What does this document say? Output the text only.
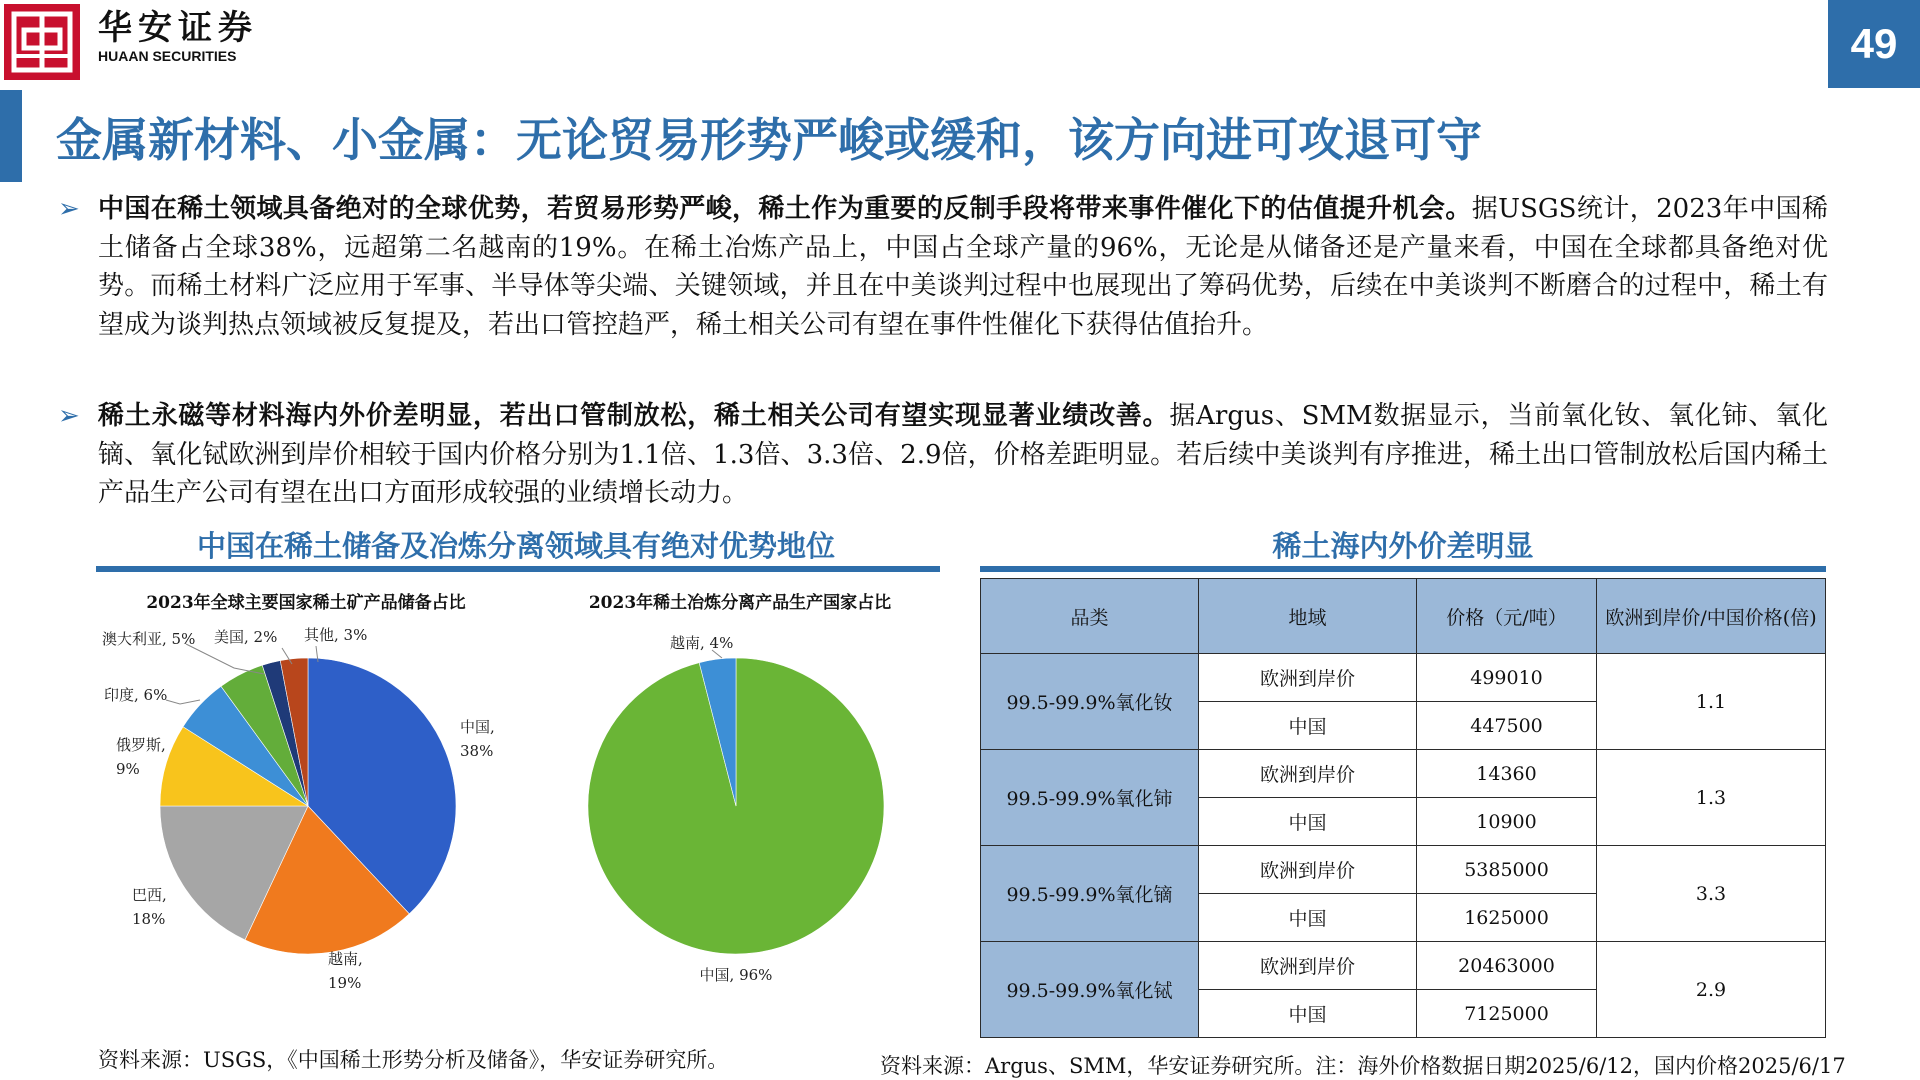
华安证券
HUAAN SECURITIES	49
金属新材料、小金属：无论贸易形势严峻或缓和，该方向进可攻退可守
➢ 中国在稀土领域具备绝对的全球优势，若贸易形势严峻，稀土作为重要的反制手段将带来事件催化下的估值提升机会。据USGS统计，2023年中国稀土储备占全球38%，远超第二名越南的19%。在稀土冶炼产品上，中国占全球产量的96%，无论是从储备还是产量来看，中国在全球都具备绝对优势。而稀土材料广泛应用于军事、半导体等尖端、关键领域，并且在中美谈判过程中也展现出了筹码优势，后续在中美谈判不断磨合的过程中，稀土有望成为谈判热点领域被反复提及，若出口管控趋严，稀土相关公司有望在事件性催化下获得估值抬升。
➢ 稀土永磁等材料海内外价差明显，若出口管制放松，稀土相关公司有望实现显著业绩改善。据Argus、SMM数据显示，当前氧化钕、氧化铈、氧化镝、氧化铽欧洲到岸价相较于国内价格分别为1.1倍、1.3倍、3.3倍、2.9倍，价格差距明显。若后续中美谈判有序推进，稀土出口管制放松后国内稀土产品生产公司有望在出口方面形成较强的业绩增长动力。
中国在稀土储备及冶炼分离领域具有绝对优势地位
2023年全球主要国家稀土矿产品储备占比	2023年稀土冶炼分离产品生产国家占比
中国,
38%
越南,
19%
巴西,
18%
俄罗斯,
9%
印度, 6%
澳大利亚, 5% 美国, 2% 其他, 3%
中国, 96%
越南, 4%
资料来源：USGS，《中国稀土形势分析及储备》，华安证券研究所。
稀土海内外价差明显
品类	地域	价格（元/吨）	欧洲到岸价/中国价格(倍)
99.5-99.9%氧化钕	欧洲到岸价	499010	1.1
	中国	447500	
99.5-99.9%氧化铈	欧洲到岸价	14360	1.3
	中国	10900	
99.5-99.9%氧化镝	欧洲到岸价	5385000	3.3
	中国	1625000	
99.5-99.9%氧化铽	欧洲到岸价	20463000	2.9
	中国	7125000	
资料来源：Argus、SMM，华安证券研究所。注：海外价格数据日期2025/6/12，国内价格2025/6/17
